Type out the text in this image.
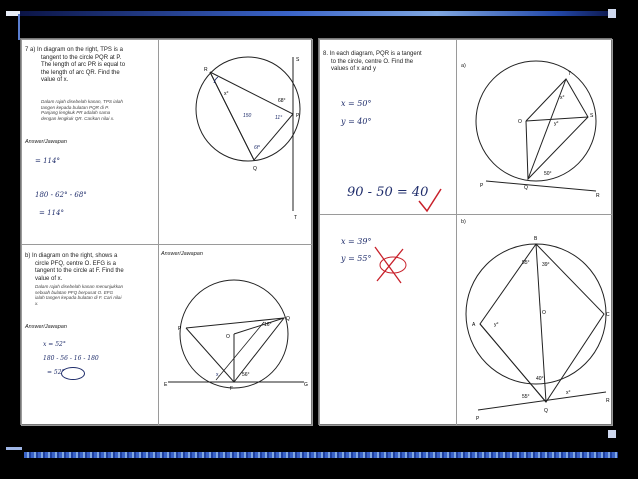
7 a) In diagram on the right, TPS is a
tangent to the circle PQR at P.
The length of arc PR is equal to
the length of arc QR. Find the
value of x.
Dalam rajah disebelah kanan, TPS ialah
tangen kepada bulatan PQR di P.
Panjang lengkuk PR adalah sama
dengan lengkuk QR. Carikan nilai x.
Answer/Jawapan
= 114°
180 - 62° - 68°
= 114°
R
S
P
Q
T
x°
68°
150	11°
6f°
b) In diagram on the right, shows a
circle PFQ, centre O. EFG is a
tangent to the circle at F. Find the
value of x.
Dalam rajah disebelah kanan menunjukkan
sebuah bulatan PFQ berpusat O. EFG
ialah tangen kepada bulatan di F. Cari nilai
x.
Answer/Jawapan
Answer/Jawapan
x = 52°
180 - 56 - 16 - 180
= 52°
P
Q
O
E
F
G
16°
56°
x
8. In each diagram, PQR is a tangent
to the circle, centre O. Find the
values of x and y
x = 50°
y = 40°
90 - 50 = 40
x = 39°
y = 55°
a)
b)
T
S
O
P	Q
R
x°
y°
50°
B
A
C
O
P
Q
R
55° 39°
40°
55°
y°
x°
